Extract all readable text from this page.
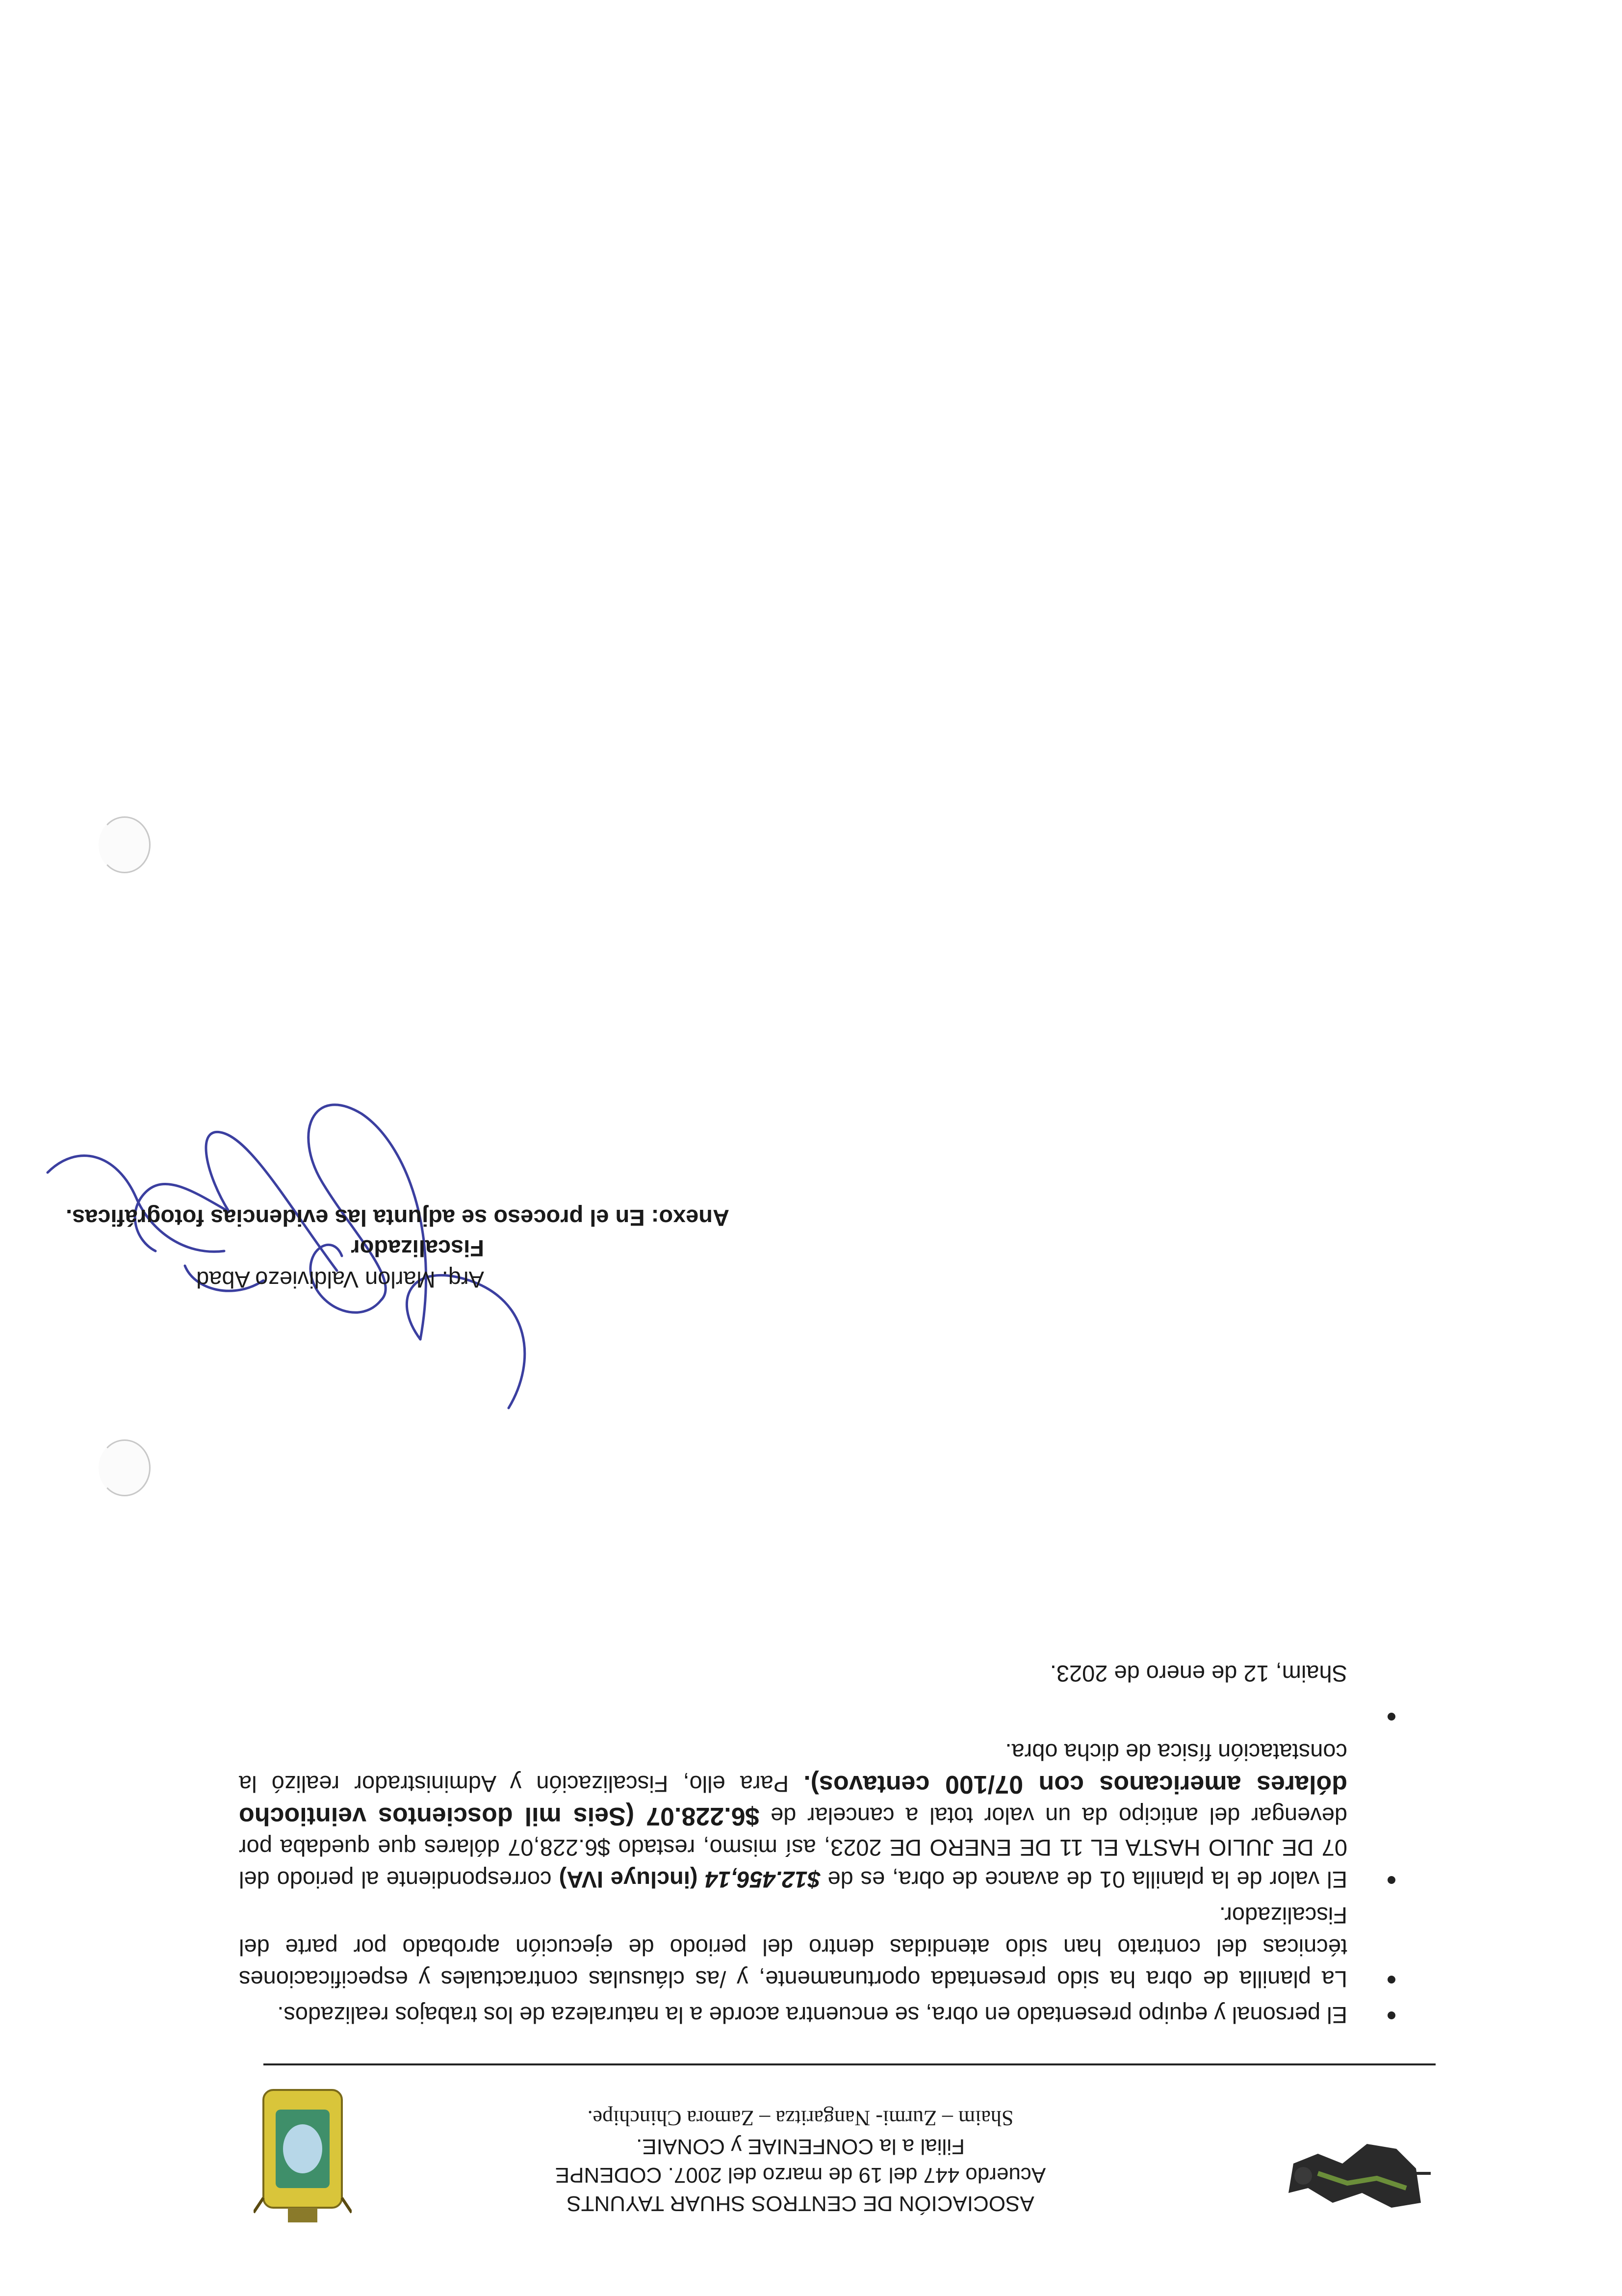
ASOCIACIÓN DE CENTROS SHUAR TAYUNTS
Acuerdo 447 del 19 de marzo del 2007. CODENPE
Filial a la CONFENIAE y CONAIE.
Shaim – Zurmi- Nangaritza – Zamora Chinchipe.
El personal y equipo presentado en obra, se encuentra acorde a la naturaleza de los trabajos realizados.
La planilla de obra ha sido presentada oportunamente, y /as cláusulas contractuales y especificaciones técnicas del contrato han sido atendidas dentro del periodo de ejecución aprobado por parte del Fiscalizador.
El valor de la planilla 01 de avance de obra, es de $12.456,14 (incluye IVA) correspondiente al periodo del 07 DE JULIO HASTA EL 11 DE ENERO DE 2023, así mismo, restado $6.228,07 dólares que quedaba por devengar del anticipo da un valor total a cancelar de $6.228.07 (Seis mil doscientos veintiocho dólares americanos con 07/100 centavos). Para ello, Fiscalización y Administrador realizó la constatación física de dicha obra.
Shaim, 12 de enero de 2023.
Arq. Marlon Valdiviezo Abad
Fiscalizador
Anexo: En el proceso se adjunta las evidencias fotográficas.
